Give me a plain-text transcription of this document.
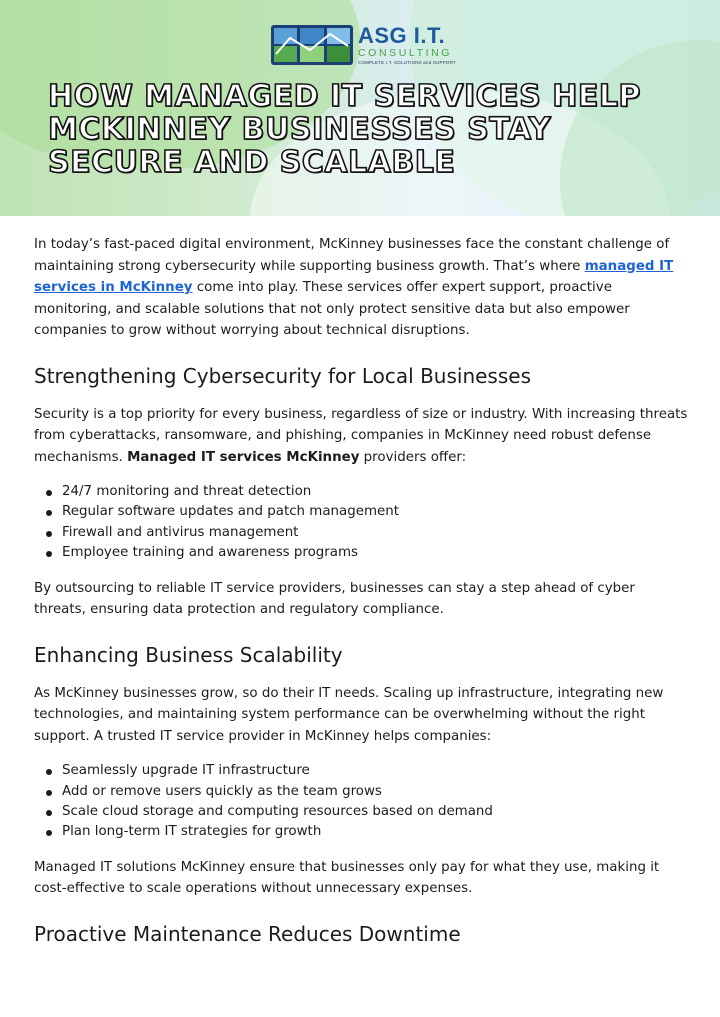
ASG I.T.
CONSULTING
COMPLETE I.T. SOLUTIONS and SUPPORT
HOW MANAGED IT SERVICES HELP MCKINNEY BUSINESSES STAY SECURE AND SCALABLE

In today’s fast-paced digital environment, McKinney businesses face the constant challenge of maintaining strong cybersecurity while supporting business growth. That’s where managed IT services in McKinney come into play. These services offer expert support, proactive monitoring, and scalable solutions that not only protect sensitive data but also empower companies to grow without worrying about technical disruptions.

Strengthening Cybersecurity for Local Businesses

Security is a top priority for every business, regardless of size or industry. With increasing threats from cyberattacks, ransomware, and phishing, companies in McKinney need robust defense mechanisms. Managed IT services McKinney providers offer:

24/7 monitoring and threat detection
Regular software updates and patch management
Firewall and antivirus management
Employee training and awareness programs

By outsourcing to reliable IT service providers, businesses can stay a step ahead of cyber threats, ensuring data protection and regulatory compliance.

Enhancing Business Scalability

As McKinney businesses grow, so do their IT needs. Scaling up infrastructure, integrating new technologies, and maintaining system performance can be overwhelming without the right support. A trusted IT service provider in McKinney helps companies:

Seamlessly upgrade IT infrastructure
Add or remove users quickly as the team grows
Scale cloud storage and computing resources based on demand
Plan long-term IT strategies for growth

Managed IT solutions McKinney ensure that businesses only pay for what they use, making it cost-effective to scale operations without unnecessary expenses.

Proactive Maintenance Reduces Downtime
